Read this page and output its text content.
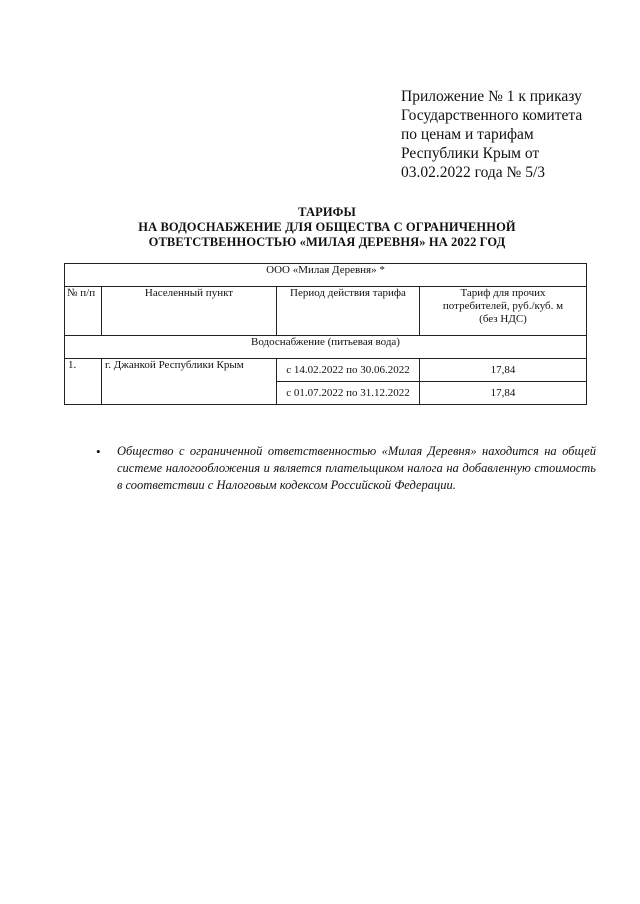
Приложение № 1 к приказу
Государственного комитета
по ценам и тарифам
Республики Крым от
03.02.2022 года № 5/3
ТАРИФЫ
НА ВОДОСНАБЖЕНИЕ ДЛЯ ОБЩЕСТВА С ОГРАНИЧЕННОЙ
ОТВЕТСТВЕННОСТЬЮ «МИЛАЯ ДЕРЕВНЯ» НА 2022 ГОД
ООО «Милая Деревня» *			
№ п/п	Населенный пункт	Период действия тарифа	Тариф для прочих
потребителей, руб./куб. м
(без НДС)

Водоснабжение (питьевая вода)			
1.	г. Джанкой Республики Крым	с 14.02.2022 по 30.06.2022	17,84
		с 01.07.2022 по 31.12.2022	17,84
• Общество с ограниченной ответственностью «Милая Деревня» находится на общей системе налогообложения и является плательщиком налога на добавленную стоимость в соответствии с Налоговым кодексом Российской Федерации.
